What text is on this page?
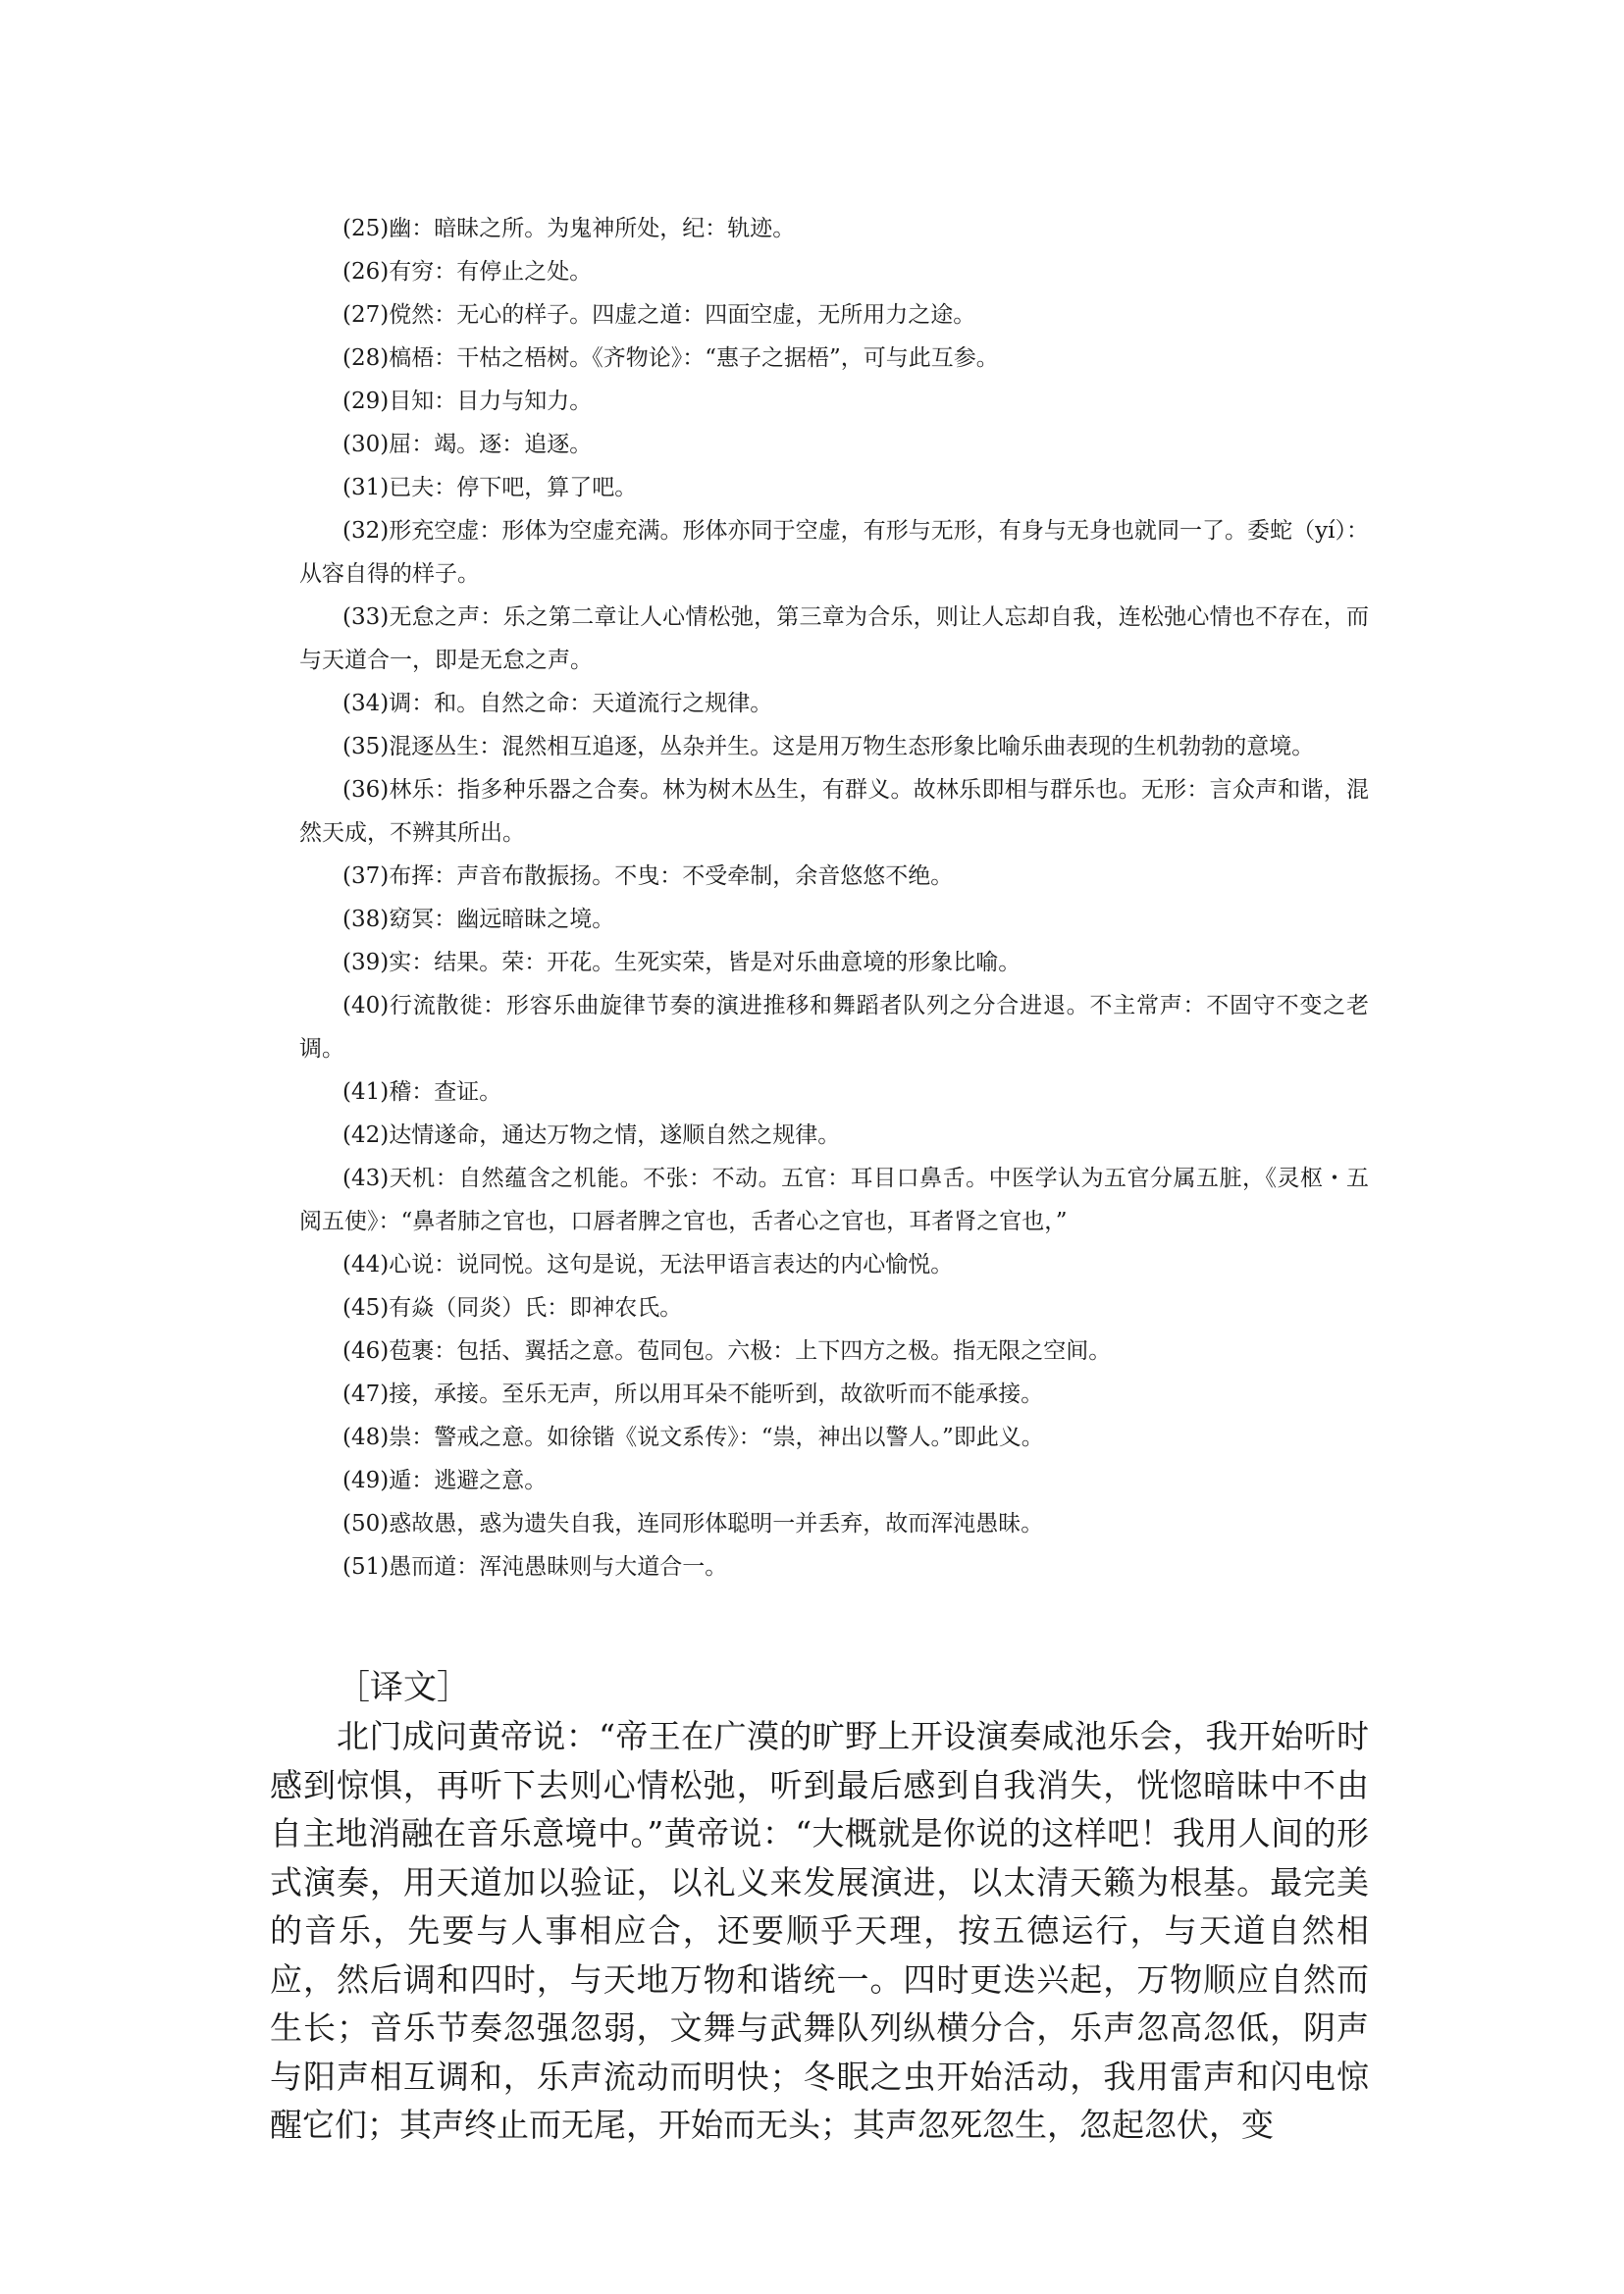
(25)幽：暗昧之所。为鬼神所处，纪：轨迹。

(26)有穷：有停止之处。

(27)傥然：无心的样子。四虚之道：四面空虚，无所用力之途。

(28)槁梧：干枯之梧树。《齐物论》：“惠子之据梧”，可与此互参。

(29)目知：目力与知力。

(30)屈：竭。逐：追逐。

(31)已夫：停下吧，算了吧。

(32)形充空虚：形体为空虚充满。形体亦同于空虚，有形与无形，有身与无身也就同一了。委蛇（yí）：从容自得的样子。

(33)无怠之声：乐之第二章让人心情松弛，第三章为合乐，则让人忘却自我，连松弛心情也不存在，而与天道合一，即是无怠之声。

(34)调：和。自然之命：天道流行之规律。

(35)混逐丛生：混然相互追逐，丛杂并生。这是用万物生态形象比喻乐曲表现的生机勃勃的意境。

(36)林乐：指多种乐器之合奏。林为树木丛生，有群义。故林乐即相与群乐也。无形：言众声和谐，混然天成，不辨其所出。

(37)布挥：声音布散振扬。不曳：不受牵制，余音悠悠不绝。

(38)窈冥：幽远暗昧之境。

(39)实：结果。荣：开花。生死实荣，皆是对乐曲意境的形象比喻。

(40)行流散徙：形容乐曲旋律节奏的演进推移和舞蹈者队列之分合进退。不主常声：不固守不变之老调。

(41)稽：查证。

(42)达情遂命，通达万物之情，遂顺自然之规律。

(43)天机：自然蕴含之机能。不张：不动。五官：耳目口鼻舌。中医学认为五官分属五脏，《灵枢・五阅五使》：“鼻者肺之官也，口唇者脾之官也，舌者心之官也，耳者肾之官也，”

(44)心说：说同悦。这句是说，无法甲语言表达的内心愉悦。

(45)有焱（同炎）氏：即神农氏。

(46)苞裹：包括、翼括之意。苞同包。六极：上下四方之极。指无限之空间。

(47)接，承接。至乐无声，所以用耳朵不能听到，故欲听而不能承接。

(48)祟：警戒之意。如徐锴《说文系传》：“祟，神出以警人。”即此义。

(49)遁：逃避之意。

(50)惑故愚，惑为遗失自我，连同形体聪明一并丢弃，故而浑沌愚昧。

(51)愚而道：浑沌愚昧则与大道合一。

［译文］

北门成问黄帝说：“帝王在广漠的旷野上开设演奏咸池乐会，我开始听时感到惊惧，再听下去则心情松弛，听到最后感到自我消失，恍惚暗昧中不由自主地消融在音乐意境中。”黄帝说：“大概就是你说的这样吧！我用人间的形式演奏，用天道加以验证，以礼义来发展演进，以太清天籁为根基。最完美的音乐，先要与人事相应合，还要顺乎天理，按五德运行，与天道自然相应，然后调和四时，与天地万物和谐统一。四时更迭兴起，万物顺应自然而生长；音乐节奏忽强忽弱，文舞与武舞队列纵横分合，乐声忽高忽低，阴声与阳声相互调和，乐声流动而明快；冬眠之虫开始活动，我用雷声和闪电惊醒它们；其声终止而无尾，开始而无头；其声忽死忽生，忽起忽伏，变
